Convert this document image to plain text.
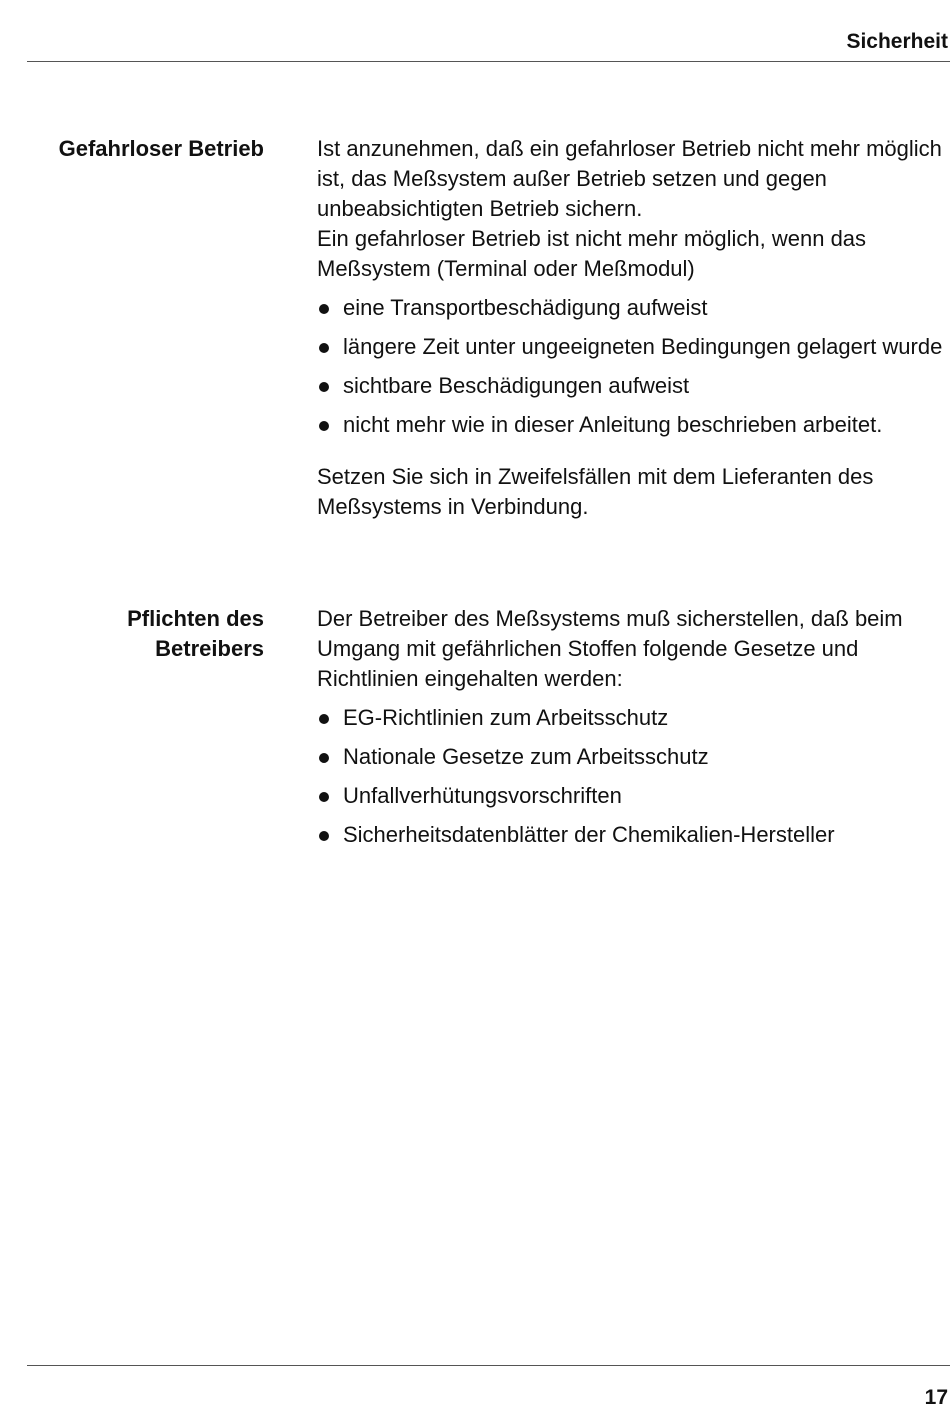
Sicherheit
Gefahrloser Betrieb Ist anzunehmen, daß ein gefahrloser Betrieb nicht mehr möglich ist, das Meßsystem außer Betrieb setzen und gegen unbeabsichtigten Betrieb sichern.

Ein gefahrloser Betrieb ist nicht mehr möglich, wenn das Meßsystem (Terminal oder Meßmodul)

eine Transportbeschädigung aufweist
längere Zeit unter ungeeigneten Bedingungen gelagert wurde
sichtbare Beschädigungen aufweist
nicht mehr wie in dieser Anleitung beschrieben arbeitet.

Setzen Sie sich in Zweifelsfällen mit dem Lieferanten des Meßsystems in Verbindung.

Pflichten des
Betreibers

Der Betreiber des Meßsystems muß sicherstellen, daß beim Umgang mit gefährlichen Stoffen folgende Gesetze und Richtlinien eingehalten werden:

EG-Richtlinien zum Arbeitsschutz
Nationale Gesetze zum Arbeitsschutz
Unfallverhütungsvorschriften
Sicherheitsdatenblätter der Chemikalien-Hersteller
17
